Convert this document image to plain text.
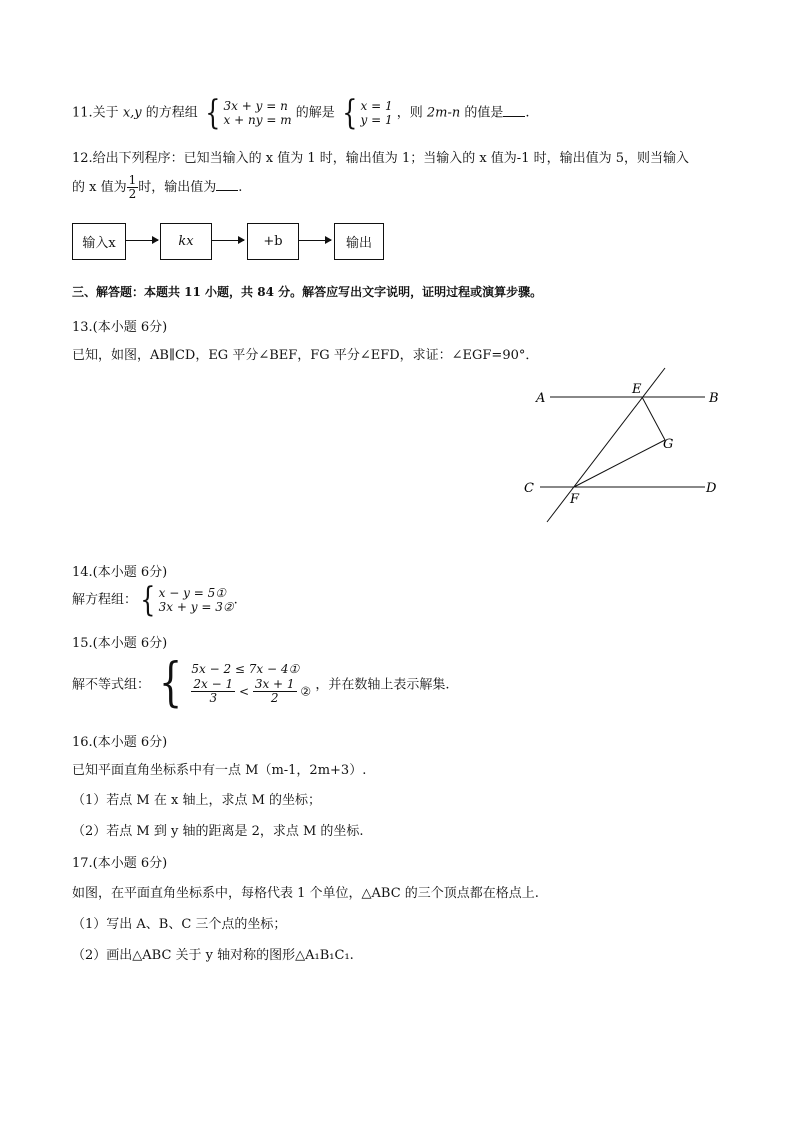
11.关于 x,y 的方程组 { 3x + y = n
x + ny = m 的解是 { x = 1
y = 1 ，则 2m-n 的值是 .
12.给出下列程序：已知当输入的 x 值为 1 时，输出值为 1；当输入的 x 值为-1 时，输出值为 5，则当输入
的 x 值为 $\frac{1}{2}$ 时，输出值为 .
输入x	kx	+b	输出
三、解答题：本题共 11 小题，共 84 分。解答应写出文字说明，证明过程或演算步骤。
13.(本小题 6分)
已知，如图，AB∥CD，EG 平分∠BEF，FG 平分∠EFD，求证：∠EGF=90°．
A
E
B
G
C
F
D
14.(本小题 6分)
解方程组：{ x − y = 5①
3x + y = 3② .
15.(本小题 6分)
解不等式组： { 5x − 2 ≤ 7x − 4①
$\frac{2x - 1}{3} < \frac{3x + 1}{2}$ ② ，并在数轴上表示解集.
16.(本小题 6分)
已知平面直角坐标系中有一点 M（m-1，2m+3）.
（1）若点 M 在 x 轴上，求点 M 的坐标；
（2）若点 M 到 y 轴的距离是 2，求点 M 的坐标.
17.(本小题 6分)
如图，在平面直角坐标系中，每格代表 1 个单位，△ABC 的三个顶点都在格点上.
（1）写出 A、B、C 三个点的坐标；
（2）画出△ABC 关于 y 轴对称的图形△A₁B₁C₁.
